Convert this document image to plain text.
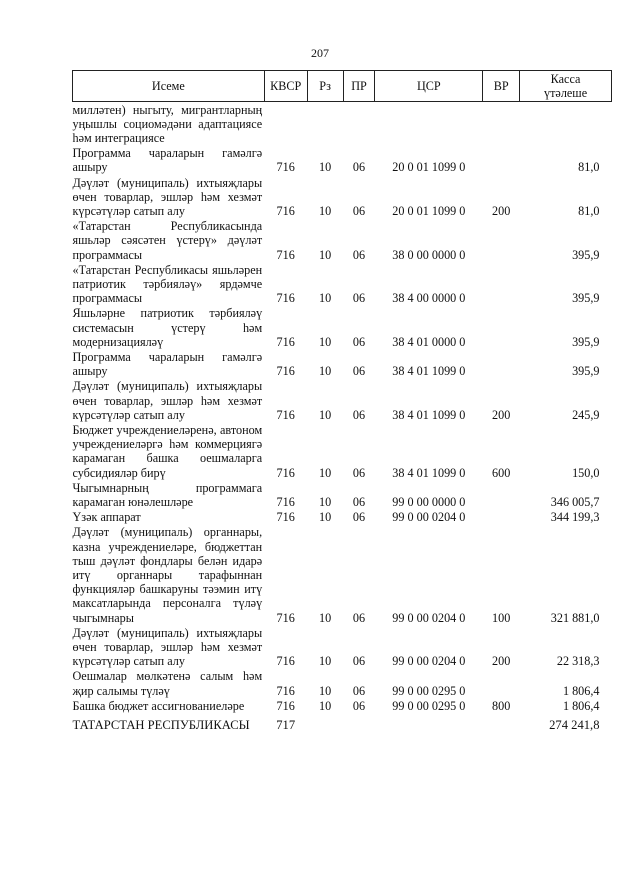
207
Исеме	КВСР	Рз	ПР	ЦСР	ВР	Касса
үтәлеше
милләтен) ныгыту, мигрантларның уңышлы социомәдәни адаптациясе һәм интеграциясе						
Программа чараларын гамәлгә ашыру	716	10	06	20 0 01 1099 0		81,0
Дәүләт (муниципаль) ихтыяҗлары өчен товарлар, эшләр һәм хезмәт күрсәтүләр сатып алу	716	10	06	20 0 01 1099 0	200	81,0
«Татарстан Республикасында яшьләр сәясәтен үстерү» дәүләт программасы	716	10	06	38 0 00 0000 0		395,9
«Татарстан Республикасы яшьләрен патриотик тәрбияләү» ярдәмче программасы	716	10	06	38 4 00 0000 0		395,9
Яшьләрне патриотик тәрбияләү системасын үстерү һәм модернизацияләү	716	10	06	38 4 01 0000 0		395,9
Программа чараларын гамәлгә ашыру	716	10	06	38 4 01 1099 0		395,9
Дәүләт (муниципаль) ихтыяҗлары өчен товарлар, эшләр һәм хезмәт күрсәтүләр сатып алу	716	10	06	38 4 01 1099 0	200	245,9
Бюджет учреждениеләренә, автоном учреждениеләргә һәм коммерциягә карамаган башка оешмаларга субсидияләр бирү	716	10	06	38 4 01 1099 0	600	150,0
Чыгымнарның программага карамаган юнәлешләре	716	10	06	99 0 00 0000 0		346 005,7
Үзәк аппарат	716	10	06	99 0 00 0204 0		344 199,3
Дәүләт (муниципаль) органнары, казна учреждениеләре, бюджеттан тыш дәүләт фондлары белән идарә итү органнары тарафыннан функцияләр башкаруны тәэмин итү максатларында персоналга түләү чыгымнары	716	10	06	99 0 00 0204 0	100	321 881,0
Дәүләт (муниципаль) ихтыяҗлары өчен товарлар, эшләр һәм хезмәт күрсәтүләр сатып алу	716	10	06	99 0 00 0204 0	200	22 318,3
Оешмалар мөлкәтенә салым һәм җир салымы түләү	716	10	06	99 0 00 0295 0		1 806,4
Башка бюджет ассигнованиеләре	716	10	06	99 0 00 0295 0	800	1 806,4
ТАТАРСТАН РЕСПУБЛИКАСЫ	717					274 241,8
